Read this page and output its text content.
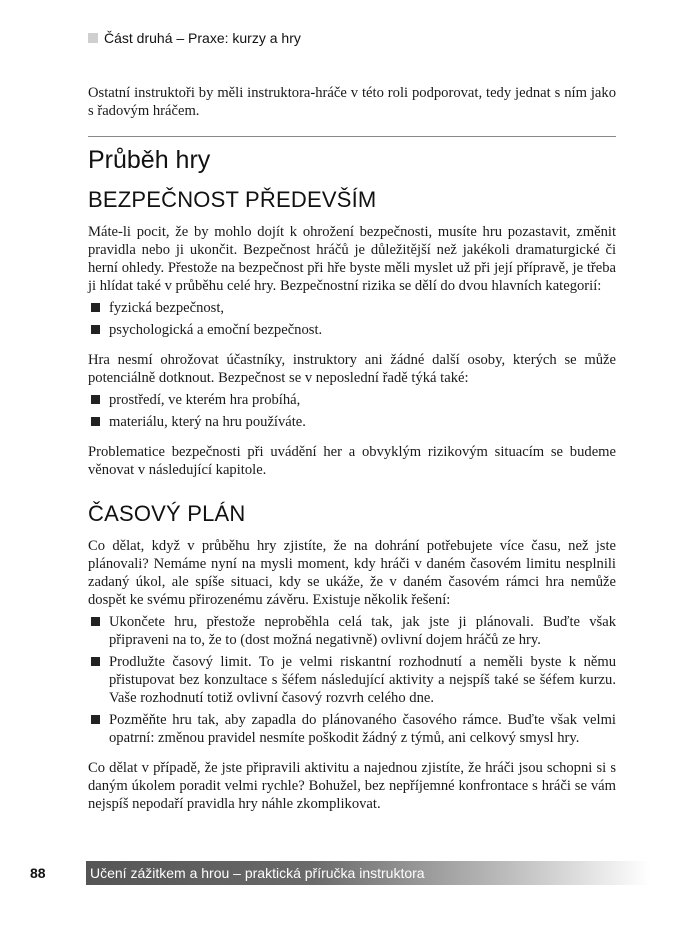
Část druhá – Praxe: kurzy a hry

Ostatní instruktoři by měli instruktora-hráče v této roli podporovat, tedy jednat s ním jako s řadovým hráčem.

Průběh hry
BEZPEČNOST PŘEDEVŠÍM

Máte-li pocit, že by mohlo dojít k ohrožení bezpečnosti, musíte hru pozastavit, změnit pravidla nebo ji ukončit. Bezpečnost hráčů je důležitější než jakékoli dramaturgické či herní ohledy. Přestože na bezpečnost při hře byste měli myslet už při její přípravě, je třeba ji hlídat také v průběhu celé hry. Bezpečnostní rizika se dělí do dvou hlavních kategorií:

fyzická bezpečnost,
psychologická a emoční bezpečnost.

Hra nesmí ohrožovat účastníky, instruktory ani žádné další osoby, kterých se může potenciálně dotknout. Bezpečnost se v neposlední řadě týká také:

prostředí, ve kterém hra probíhá,
materiálu, který na hru používáte.

Problematice bezpečnosti při uvádění her a obvyklým rizikovým situacím se budeme věnovat v následující kapitole.

ČASOVÝ PLÁN

Co dělat, když v průběhu hry zjistíte, že na dohrání potřebujete více času, než jste plánovali? Nemáme nyní na mysli moment, kdy hráči v daném časovém limitu nesplnili zadaný úkol, ale spíše situaci, kdy se ukáže, že v daném časovém rámci hra nemůže dospět ke svému přirozenému závěru. Existuje několik řešení:

Ukončete hru, přestože neproběhla celá tak, jak jste ji plánovali. Buďte však připraveni na to, že to (dost možná negativně) ovlivní dojem hráčů ze hry.
Prodlužte časový limit. To je velmi riskantní rozhodnutí a neměli byste k němu přistupovat bez konzultace s šéfem následující aktivity a nejspíš také se šéfem kurzu. Vaše rozhodnutí totiž ovlivní časový rozvrh celého dne.
Pozměňte hru tak, aby zapadla do plánovaného časového rámce. Buďte však velmi opatrní: změnou pravidel nesmíte poškodit žádný z týmů, ani celkový smysl hry.

Co dělat v případě, že jste připravili aktivitu a najednou zjistíte, že hráči jsou schopni si s daným úkolem poradit velmi rychle? Bohužel, bez nepříjemné konfrontace s hráči se vám nejspíš nepodaří pravidla hry náhle zkomplikovat.

88	Učení zážitkem a hrou – praktická příručka instruktora
